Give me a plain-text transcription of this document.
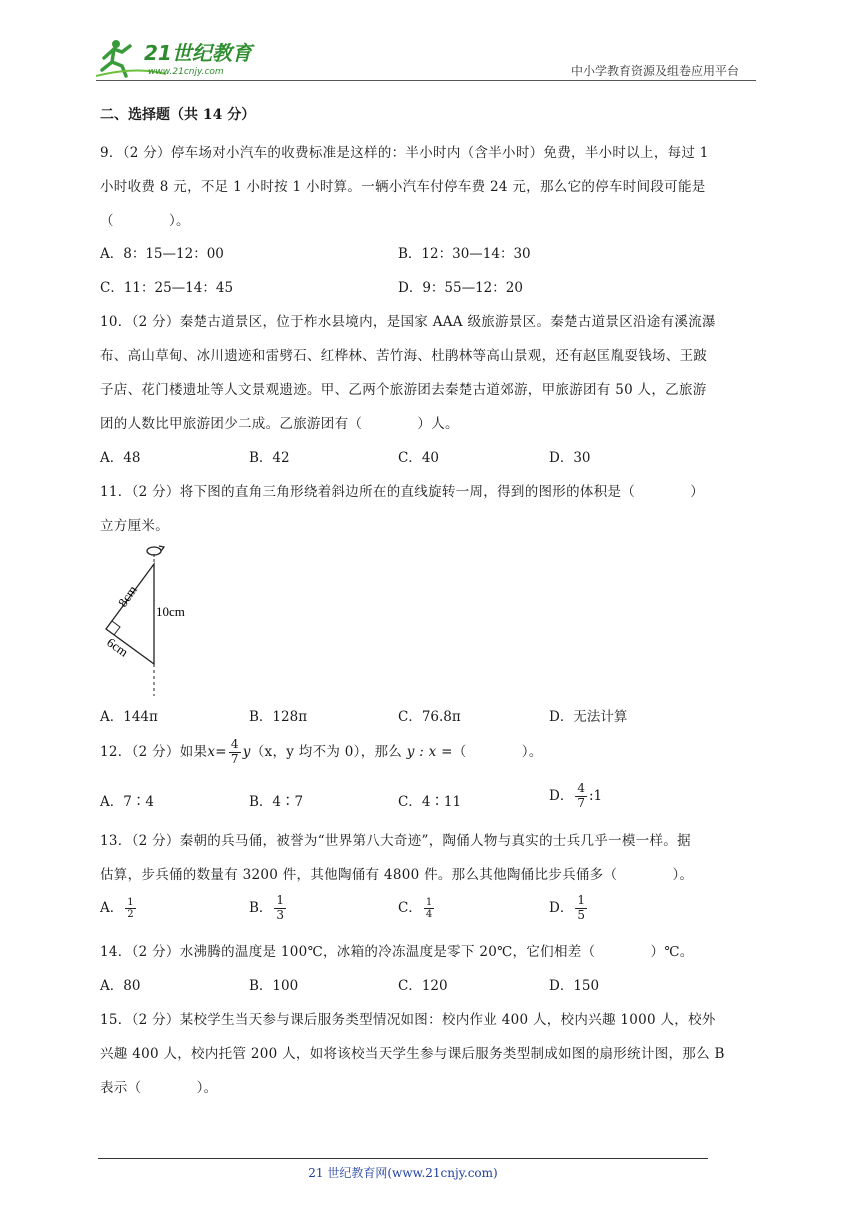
21世纪教育
www.21cnjy.com	中小学教育资源及组卷应用平台
二、选择题（共 14 分）
9．（2 分）停车场对小汽车的收费标准是这样的：半小时内（含半小时）免费，半小时以上，每过 1
小时收费 8 元，不足 1 小时按 1 小时算。一辆小汽车付停车费 24 元，那么它的停车时间段可能是
（　　　　）。
A．8：15—12：00	B．12：30—14：30
C．11：25—14：45	D．9：55—12：20
10．（2 分）秦楚古道景区，位于柞水县境内，是国家 AAA 级旅游景区。秦楚古道景区沿途有溪流瀑
布、高山草甸、冰川遗迹和雷劈石、红桦林、苦竹海、杜鹃林等高山景观，还有赵匡胤耍钱场、王跛
子店、花门楼遗址等人文景观遗迹。甲、乙两个旅游团去秦楚古道郊游，甲旅游团有 50 人，乙旅游
团的人数比甲旅游团少二成。乙旅游团有（　　　　）人。
A．48	B．42	C．40	D．30
11．（2 分）将下图的直角三角形绕着斜边所在的直线旋转一周，得到的图形的体积是（　　　　）
立方厘米。
8cm
10cm
6cm
A．144π	B．128π	C．76.8π	D．无法计算
12．（2 分）如果$x= \frac{4}{7} y(x$，y 均不为 0），那么 y : x =（　　　　）。
A．7∶4	B．4∶7	C．4∶11	D． $\frac{4}{7}$ :1
13．（2 分）秦朝的兵马俑，被誉为“世界第八大奇迹”，陶俑人物与真实的士兵几乎一模一样。据
估算，步兵俑的数量有 3200 件，其他陶俑有 4800 件。那么其他陶俑比步兵俑多（　　　　）。
A． $\frac{1}{2}$	B． $\frac{1}{3}$	C． $\frac{1}{4}$	D． $\frac{1}{5}$
14．（2 分）水沸腾的温度是 100℃，冰箱的冷冻温度是零下 20℃，它们相差（　　　　）℃。
A．80	B．100	C．120	D．150
15．（2 分）某校学生当天参与课后服务类型情况如图：校内作业 400 人，校内兴趣 1000 人，校外
兴趣 400 人，校内托管 200 人，如将该校当天学生参与课后服务类型制成如图的扇形统计图，那么 B
表示（　　　　）。
21 世纪教育网(www.21cnjy.com)
